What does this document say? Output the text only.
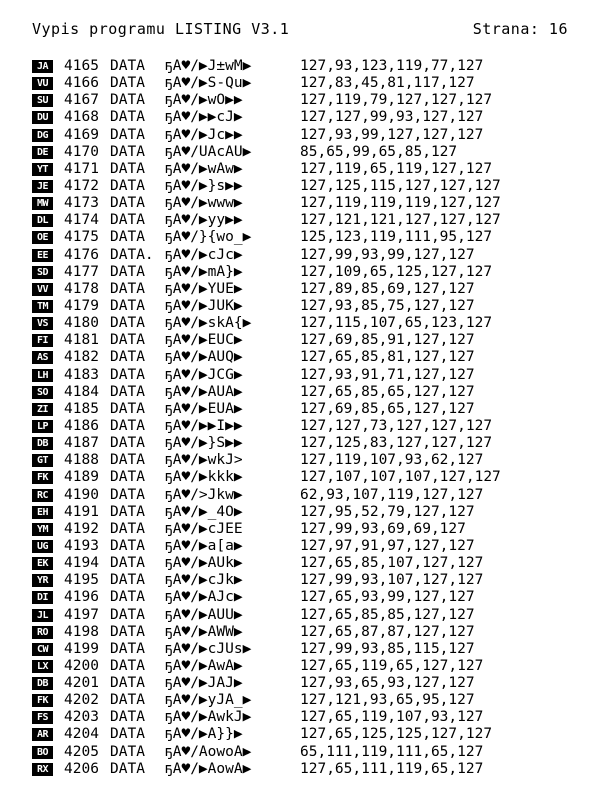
Vypis programu LISTING V3.1

	Strana: 16

JA	4165 DATA ҕA♥/▶J±wM▶	127,93,123,119,77,127
VU	4166 DATA ҕA♥/▶S-Qu▶	127,83,45,81,117,127
SU	4167 DATA ҕA♥/▶wO▶▶	127,119,79,127,127,127
DU	4168 DATA ҕA♥/▶▶cJ▶	127,127,99,93,127,127
DG	4169 DATA ҕA♥/▶Jc▶▶	127,93,99,127,127,127
DE	4170 DATA ҕA♥/UAcAU▶	85,65,99,65,85,127
YT	4171 DATA ҕA♥/▶wAw▶	127,119,65,119,127,127
JE	4172 DATA ҕA♥/▶}s▶▶	127,125,115,127,127,127
MW	4173 DATA ҕA♥/▶www▶	127,119,119,119,127,127
DL	4174 DATA ҕA♥/▶yy▶▶	127,121,121,127,127,127
OE	4175 DATA ҕA♥/}{wo_▶	125,123,119,111,95,127
EE	4176 DATA. ҕA♥/▶cJc▶	127,99,93,99,127,127
SD	4177 DATA ҕA♥/▶mA}▶	127,109,65,125,127,127
VV	4178 DATA ҕA♥/▶YUE▶	127,89,85,69,127,127
TM	4179 DATA ҕA♥/▶JUK▶	127,93,85,75,127,127
VS	4180 DATA ҕA♥/▶skA{▶	127,115,107,65,123,127
FI	4181 DATA ҕA♥/▶EUC▶	127,69,85,91,127,127
AS	4182 DATA ҕA♥/▶AUQ▶	127,65,85,81,127,127
LH	4183 DATA ҕA♥/▶JCG▶	127,93,91,71,127,127
SO	4184 DATA ҕA♥/▶AUA▶	127,65,85,65,127,127
ZI	4185 DATA ҕA♥/▶EUA▶	127,69,85,65,127,127
LP	4186 DATA ҕA♥/▶▶I▶▶	127,127,73,127,127,127
DB	4187 DATA ҕA♥/▶}S▶▶	127,125,83,127,127,127
GT	4188 DATA ҕA♥/▶wkJ>	127,119,107,93,62,127
FK	4189 DATA ҕA♥/▶kkk▶	127,107,107,107,127,127
RC	4190 DATA ҕA♥/>Jkw▶	62,93,107,119,127,127
EH	4191 DATA ҕA♥/▶_4O▶	127,95,52,79,127,127
YM	4192 DATA ҕA♥/▶cJEE	127,99,93,69,69,127
UG	4193 DATA ҕA♥/▶a[a▶	127,97,91,97,127,127
EK	4194 DATA ҕA♥/▶AUk▶	127,65,85,107,127,127
YR	4195 DATA ҕA♥/▶cJk▶	127,99,93,107,127,127
DI	4196 DATA ҕA♥/▶AJc▶	127,65,93,99,127,127
JL	4197 DATA ҕA♥/▶AUU▶	127,65,85,85,127,127
RO	4198 DATA ҕA♥/▶AWW▶	127,65,87,87,127,127
CW	4199 DATA ҕA♥/▶cJUs▶	127,99,93,85,115,127
LX	4200 DATA ҕA♥/▶AwA▶	127,65,119,65,127,127
DB	4201 DATA ҕA♥/▶JAJ▶	127,93,65,93,127,127
FK	4202 DATA ҕA♥/▶yJA_▶	127,121,93,65,95,127
FS	4203 DATA ҕA♥/▶AwkJ▶	127,65,119,107,93,127
AR	4204 DATA ҕA♥/▶A}}▶	127,65,125,125,127,127
BO	4205 DATA ҕA♥/AowoA▶	65,111,119,111,65,127
RX	4206 DATA ҕA♥/▶AowA▶	127,65,111,119,65,127
